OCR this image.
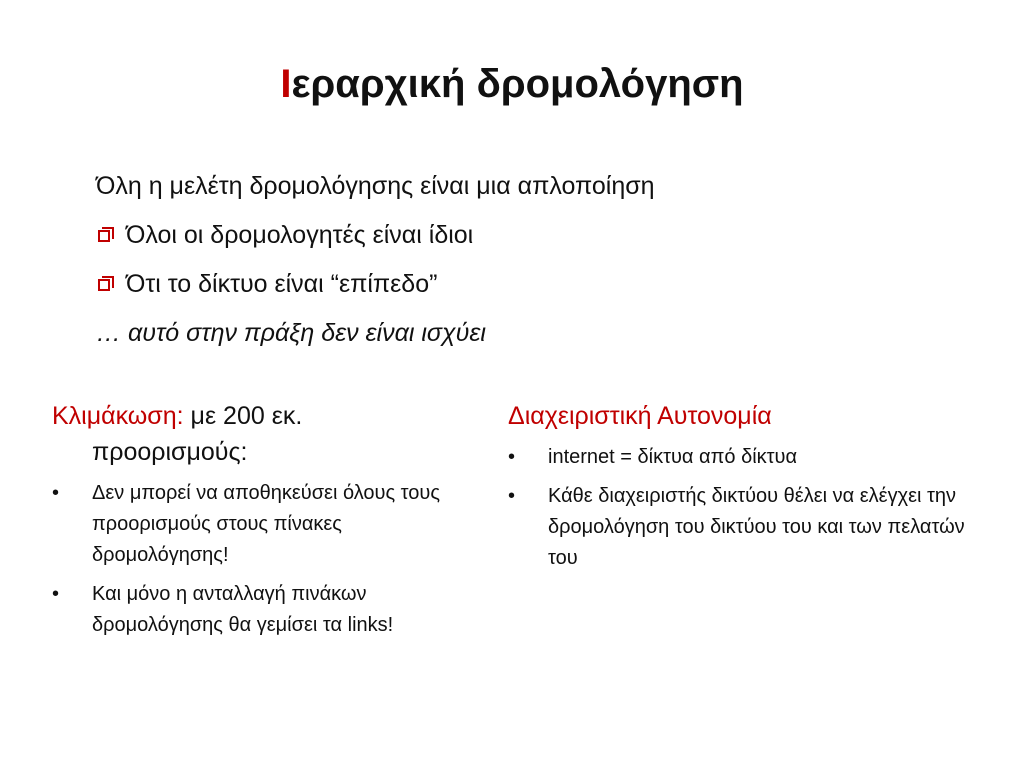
Ιεραρχική δρομολόγηση
Όλη η μελέτη δρομολόγησης είναι μια απλοποίηση
Όλοι οι δρομολογητές είναι ίδιοι
Ότι το δίκτυο είναι “επίπεδο”
… αυτό στην πράξη δεν είναι ισχύει
Κλιμάκωση: με 200 εκ.
προορισμούς:
•	Δεν μπορεί να αποθηκεύσει όλους τους προορισμούς στους πίνακες δρομολόγησης!
•	Και μόνο η ανταλλαγή πινάκων δρομολόγησης θα γεμίσει τα links!
Διαχειριστική Αυτονομία
•	internet = δίκτυα από δίκτυα
•	Κάθε διαχειριστής δικτύου θέλει να ελέγχει την δρομολόγηση του δικτύου του και των πελατών του
